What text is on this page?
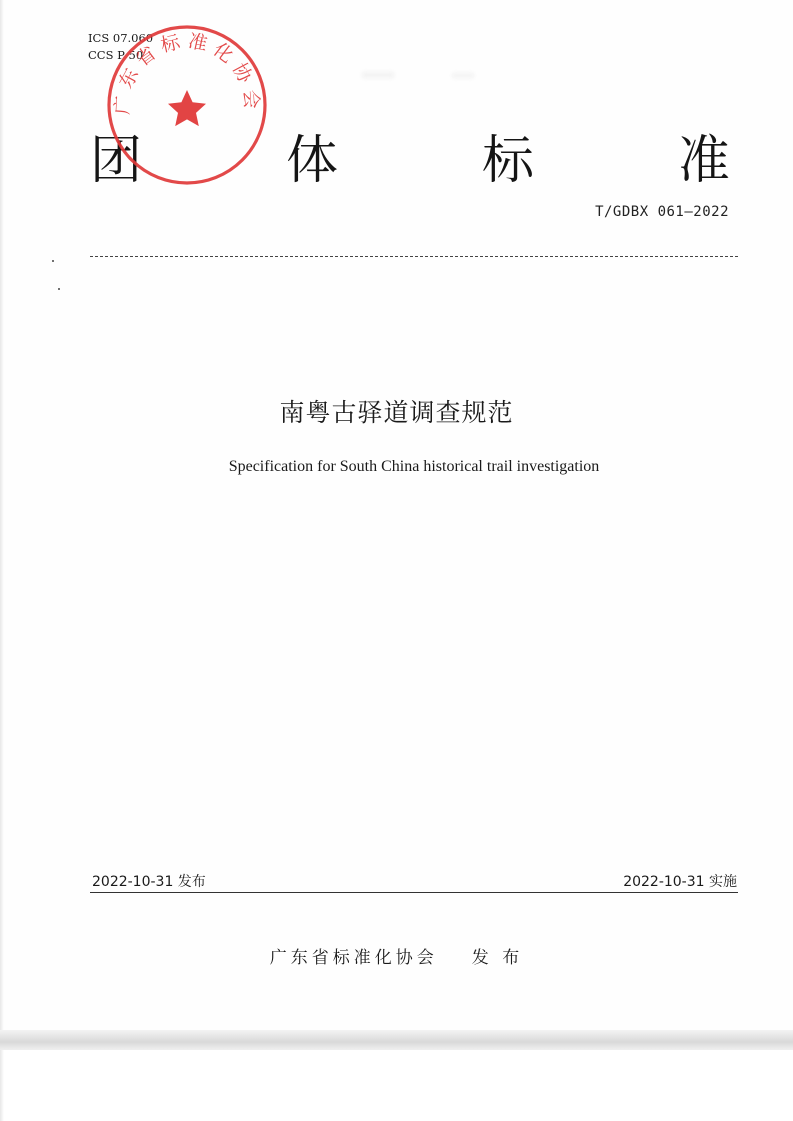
ICS 07.060
CCS P 50
团	体	标	准
广东省标准化协会
T/GDBX 061—2022
南粤古驿道调查规范
Specification for South China historical trail investigation
2022-10-31 发布	2022-10-31 实施
广东省标准化协会 发 布
